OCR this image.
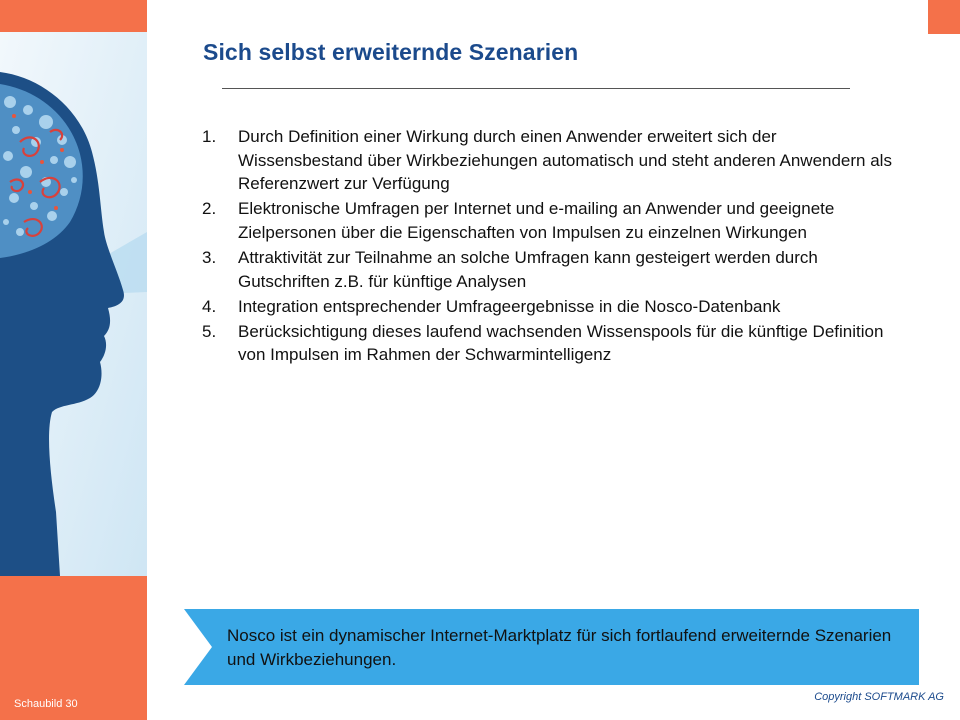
Schaubild 30
Sich selbst erweiternde Szenarien
1. Durch Definition einer Wirkung durch einen Anwender erweitert sich der Wissensbestand über Wirkbeziehungen automatisch und steht anderen Anwendern als Referenzwert zur Verfügung
2. Elektronische Umfragen per Internet und e-mailing an Anwender und geeignete Zielpersonen über die Eigenschaften von Impulsen zu einzelnen Wirkungen
3. Attraktivität zur Teilnahme an solche Umfragen kann gesteigert werden durch Gutschriften z.B. für künftige Analysen
4. Integration entsprechender Umfrageergebnisse in die Nosco-Datenbank
5. Berücksichtigung dieses laufend wachsenden Wissenspools für die künftige Definition von Impulsen im Rahmen der Schwarmintelligenz
Nosco ist ein dynamischer Internet-Marktplatz für sich fortlaufend erweiternde Szenarien und Wirkbeziehungen.
Copyright SOFTMARK AG
